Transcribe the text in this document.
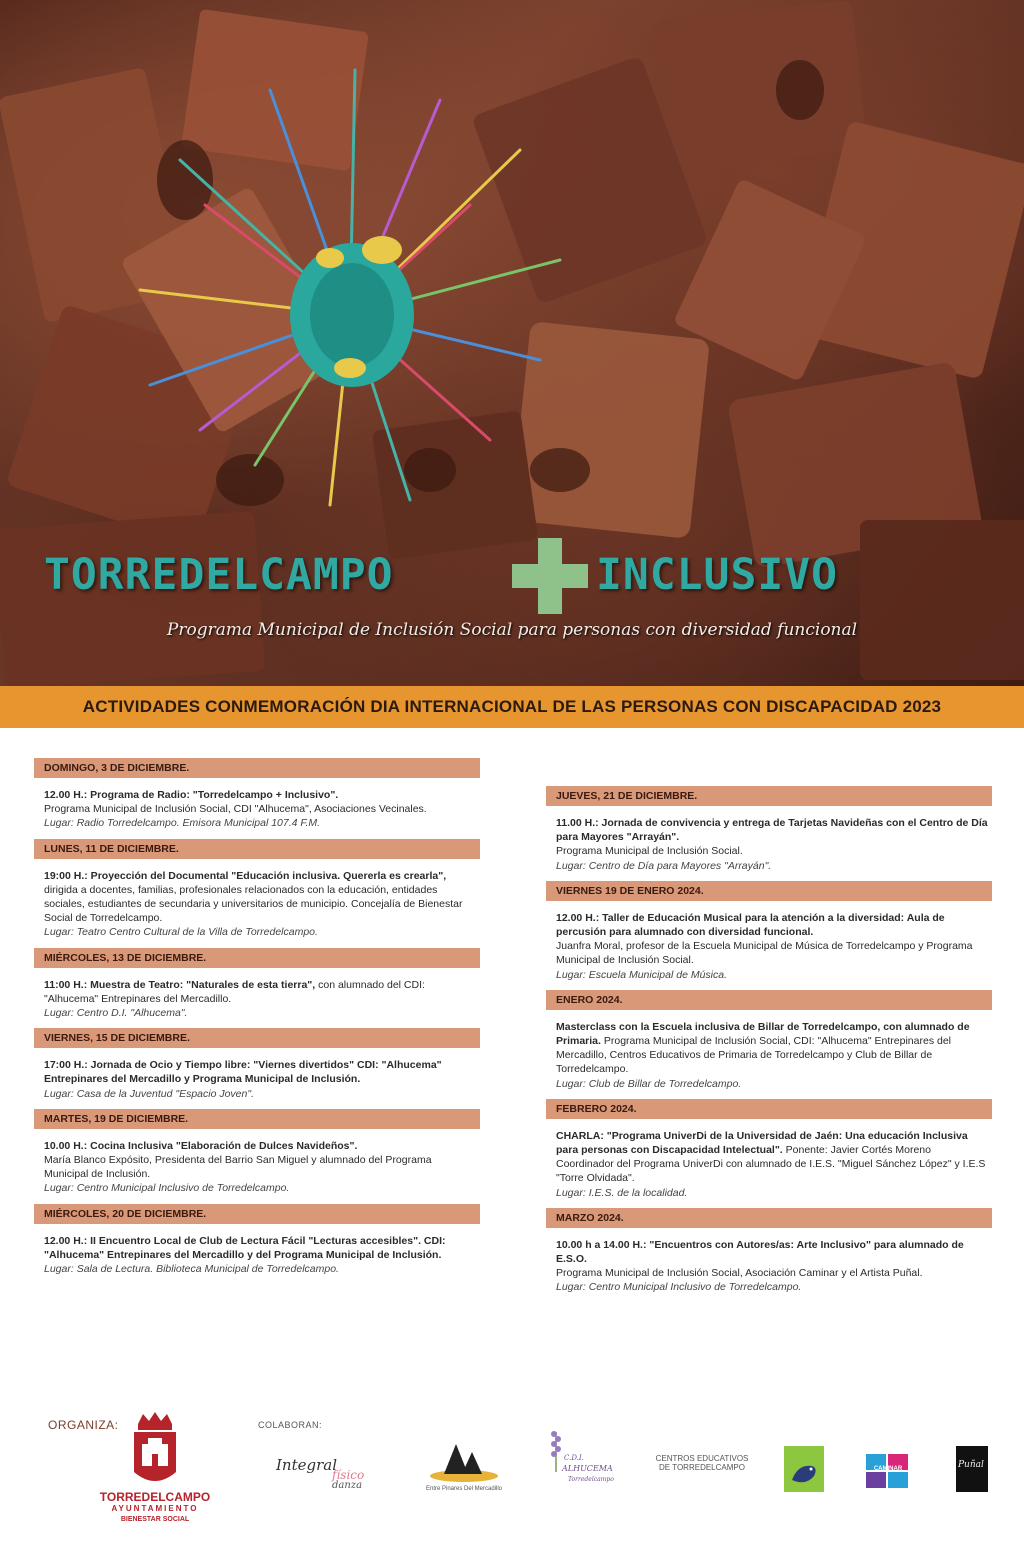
TORREDELCAMPO	INCLUSIVO
Programa Municipal de Inclusión Social para personas con diversidad funcional
ACTIVIDADES CONMEMORACIÓN DIA INTERNACIONAL DE LAS PERSONAS CON DISCAPACIDAD 2023
DOMINGO, 3 DE DICIEMBRE.

12.00 H.: Programa de Radio: "Torredelcampo + Inclusivo".
Programa Municipal de Inclusión Social, CDI "Alhucema", Asociaciones Vecinales.
Lugar: Radio Torredelcampo. Emisora Municipal 107.4 F.M.

LUNES, 11 DE DICIEMBRE.

19:00 H.: Proyección del Documental "Educación inclusiva. Quererla es crearla", dirigida a docentes, familias, profesionales relacionados con la educación, entidades sociales, estudiantes de secundaria y universitarios de municipio. Concejalía de Bienestar Social de Torredelcampo.
Lugar: Teatro Centro Cultural de la Villa de Torredelcampo.

MIÉRCOLES, 13 DE DICIEMBRE.

11:00 H.: Muestra de Teatro: "Naturales de esta tierra", con alumnado del CDI: "Alhucema" Entrepinares del Mercadillo.
Lugar: Centro D.I. "Alhucema".

VIERNES, 15 DE DICIEMBRE.

17:00 H.: Jornada de Ocio y Tiempo libre: "Viernes divertidos" CDI: "Alhucema" Entrepinares del Mercadillo y Programa Municipal de Inclusión.
Lugar: Casa de la Juventud "Espacio Joven".

MARTES, 19 DE DICIEMBRE.

10.00 H.: Cocina Inclusiva "Elaboración de Dulces Navideños".
María Blanco Expósito, Presidenta del Barrio San Miguel y alumnado del Programa Municipal de Inclusión.
Lugar: Centro Municipal Inclusivo de Torredelcampo.

MIÉRCOLES, 20 DE DICIEMBRE.

12.00 H.: II Encuentro Local de Club de Lectura Fácil "Lecturas accesibles". CDI: "Alhucema" Entrepinares del Mercadillo y del Programa Municipal de Inclusión.
Lugar: Sala de Lectura. Biblioteca Municipal de Torredelcampo.

JUEVES, 21 DE DICIEMBRE.

11.00 H.: Jornada de convivencia y entrega de Tarjetas Navideñas con el Centro de Día para Mayores "Arrayán".
Programa Municipal de Inclusión Social.
Lugar: Centro de Día para Mayores "Arrayán".

VIERNES 19 DE ENERO 2024.

12.00 H.: Taller de Educación Musical para la atención a la diversidad: Aula de percusión para alumnado con diversidad funcional.
Juanfra Moral, profesor de la Escuela Municipal de Música de Torredelcampo y Programa Municipal de Inclusión Social.
Lugar: Escuela Municipal de Música.

ENERO 2024.

Masterclass con la Escuela inclusiva de Billar de Torredelcampo, con alumnado de Primaria. Programa Municipal de Inclusión Social, CDI: "Alhucema" Entrepinares del Mercadillo, Centros Educativos de Primaria de Torredelcampo y Club de Billar de Torredelcampo.
Lugar: Club de Billar de Torredelcampo.

FEBRERO 2024.

CHARLA: "Programa UniverDi de la Universidad de Jaén: Una educación Inclusiva para personas con Discapacidad Intelectual". Ponente: Javier Cortés Moreno Coordinador del Programa UniverDi con alumnado de I.E.S. "Miguel Sánchez López" y I.E.S "Torre Olvidada".
Lugar: I.E.S. de la localidad.

MARZO 2024.

10.00 h a 14.00 H.: "Encuentros con Autores/as: Arte Inclusivo" para alumnado de E.S.O.
Programa Municipal de Inclusión Social, Asociación Caminar y el Artista Puñal.
Lugar: Centro Municipal Inclusivo de Torredelcampo.

ORGANIZA:
TORREDELCAMPO
AYUNTAMIENTO
BIENESTAR SOCIAL
COLABORAN:
Integral
físico
danza	Entre Pinares Del Mercadillo
C.D.I.
ALHUCEMA
Torredelcampo
CENTROS EDUCATIVOS
DE TORREDELCAMPO	CAMINAR	Puñal
